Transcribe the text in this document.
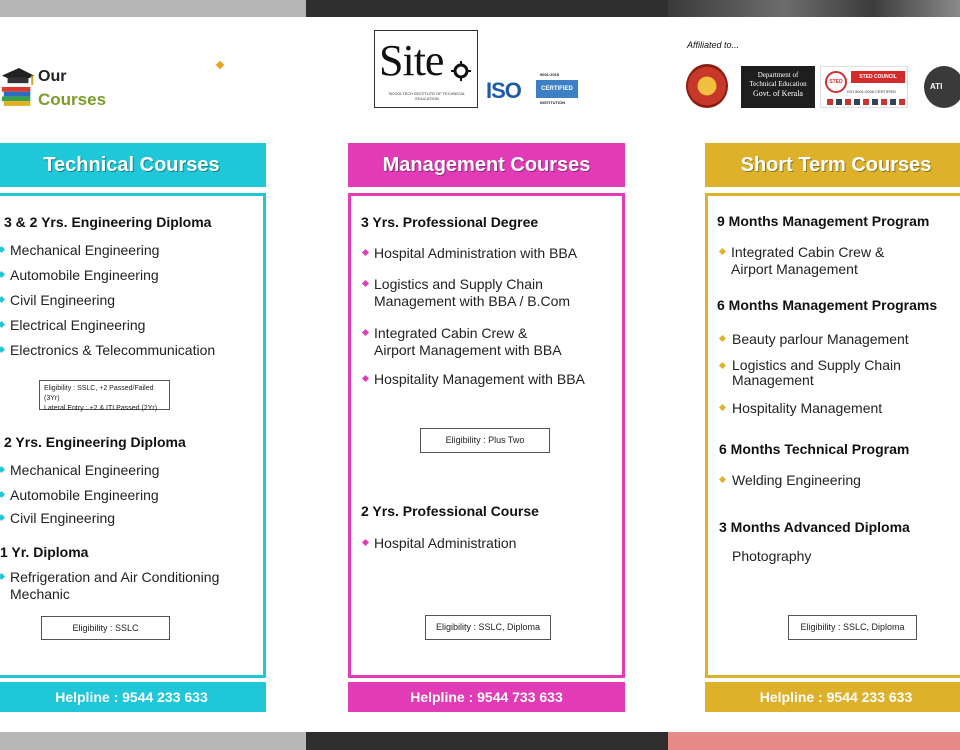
Our
Courses
Site
SKOOLTECH INSTITUTE OF TECHNICAL EDUCATION	ISO
9001:2015
CERTIFIED
INSTITUTION
Affiliated to...
Department of
Technical Education
Govt. of Kerala
STED
STED COUNCIL
ISO 9001:2008 CERTIFIED
ATI
Technical Courses
3 & 2 Yrs. Engineering Diploma
Mechanical Engineering
Automobile Engineering
Civil Engineering
Electrical Engineering
Electronics & Telecommunication
Eligibility : SSLC, +2 Passed/Failed (3Yr)
Lateral Entry : +2 & ITI Passed (2Yr)
2 Yrs. Engineering Diploma
Mechanical Engineering
Automobile Engineering
Civil Engineering
1 Yr. Diploma
Refrigeration and Air Conditioning
Mechanic
Eligibility : SSLC
Helpline : 9544 233 633
Management Courses
3 Yrs. Professional Degree
Hospital Administration with BBA
Logistics and Supply Chain
Management with BBA / B.Com
Integrated Cabin Crew &
Airport Management with BBA
Hospitality Management with BBA
Eligibility : Plus Two
2 Yrs. Professional Course
Hospital Administration
Eligibility : SSLC, Diploma
Helpline : 9544 733 633
Short Term Courses
9 Months Management Program
Integrated Cabin Crew &
Airport Management
6 Months Management Programs
Beauty parlour Management
Logistics and Supply Chain
Management
Hospitality Management
6 Months Technical Program
Welding Engineering
3 Months Advanced Diploma
Photography
Eligibility : SSLC, Diploma
Helpline : 9544 233 633
